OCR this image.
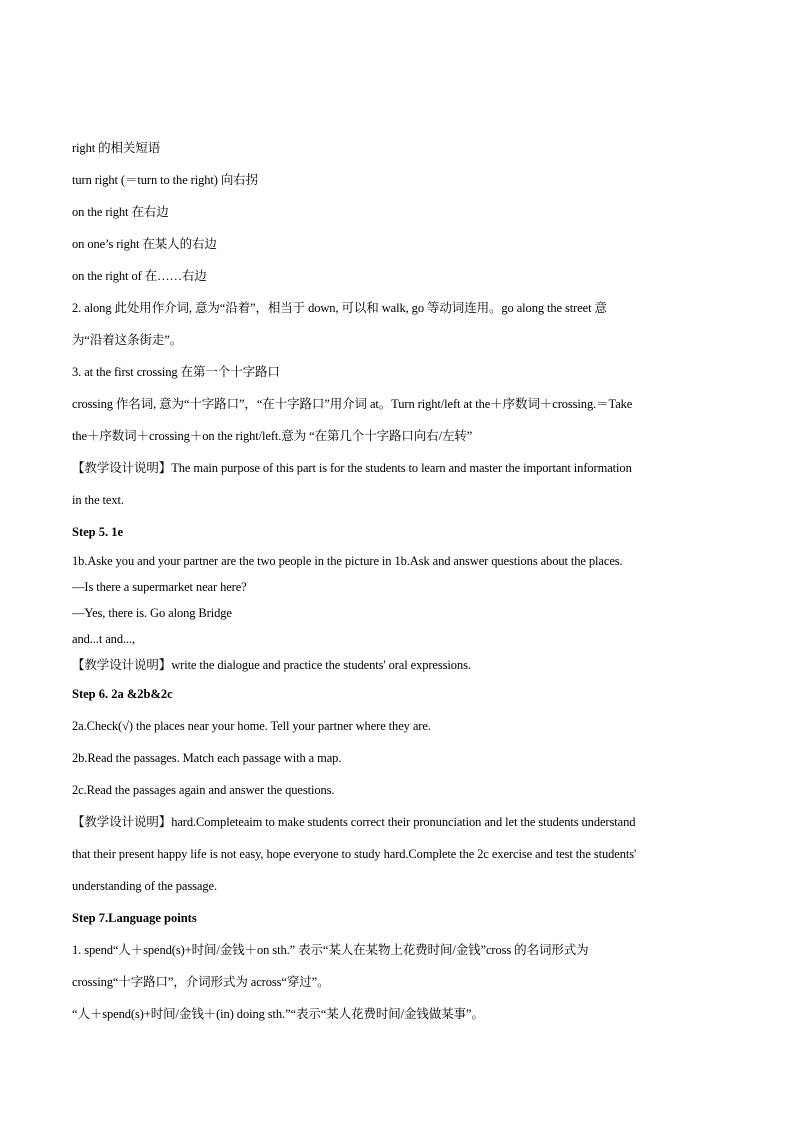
right 的相关短语
turn right (＝turn to the right) 向右拐
on the right 在右边
on one’s right 在某人的右边
on the right of 在……右边
2. along 此处用作介词, 意为“沿着”，相当于 down, 可以和 walk, go 等动词连用。go along the street 意
为“沿着这条街走”。
3. at the first crossing 在第一个十字路口
crossing 作名词, 意为“十字路口”，“在十字路口”用介词 at。Turn right/left at the＋序数词＋crossing.＝Take
the＋序数词＋crossing＋on the right/left.意为 “在第几个十字路口向右/左转”
【教学设计说明】The main purpose of this part is for the students to learn and master the important information
in the text.
Step 5. 1e
1b.Aske you and your partner are the two people in the picture in 1b.Ask and answer questions about the places.
—Is there a supermarket near here?
—Yes, there is. Go along Bridge
and...t and...,
【教学设计说明】write the dialogue and practice the students' oral expressions.
Step 6. 2a &2b&2c
2a.Check(√) the places near your home. Tell your partner where they are.
2b.Read the passages. Match each passage with a map.
2c.Read the passages again and answer the questions.
【教学设计说明】hard.Completeaim to make students correct their pronunciation and let the students understand
that their present happy life is not easy, hope everyone to study hard.Complete the 2c exercise and test the students'
understanding of the passage.
Step 7.Language points
1. spend“人＋spend(s)+时间/金钱＋on sth.” 表示“某人在某物上花费时间/金钱”cross 的名词形式为
crossing“十字路口”，介词形式为 across“穿过”。
“人＋spend(s)+时间/金钱＋(in) doing sth.”“表示“某人花费时间/金钱做某事”。
